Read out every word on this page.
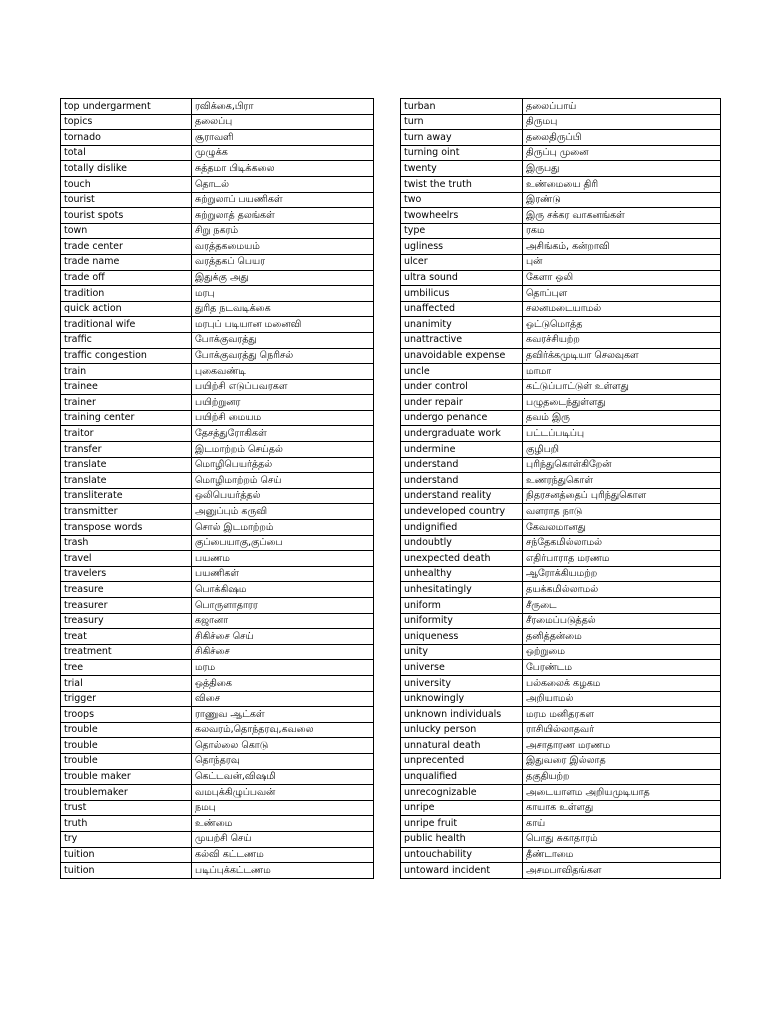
top undergarment	ரவிக்கை,பிரா
topics	தலைப்பு
tornado	சூராவளி
total	முழுக்க
totally dislike	சுத்தமா பிடிக்கலை
touch	தொடல்
tourist	சுற்றுலாப் பயணிகள்
tourist spots	சுற்றுலாத் தலங்கள்
town	சிறு நகரம்
trade center	வரத்தகமையம்
trade name	வரத்தகப் பெயர
trade off	இதுக்கு அது
tradition	மரபு
quick action	துரித நடவடிக்கை
traditional wife	மரபுப் படியான மனைவி
traffic	போக்குவரத்து
traffic congestion	போக்குவரத்து நெரிசல்
train	புகைவண்டி
trainee	பயிற்சி எடுப்பவரகள
trainer	பயிற்றுனர
training center	பயிற்சி மையம
traitor	தேசத்துரோகிகள்
transfer	இடமாற்றம் செய்தல்
translate	மொழிபெயர்த்தல்
translate	மொழிமாற்றம் செய்
transliterate	ஒலிபெயர்த்தல்
transmitter	அனுப்பும் கருவி
transpose words	சொல் இடமாற்றம்
trash	குப்பையாகு,குப்பை
travel	பயணம
travelers	பயணிகள்
treasure	பொக்கிஷம
treasurer	பொருளாதாரர
treasury	கஜானா
treat	சிகிச்சை செய்
treatment	சிகிச்சை
tree	மரம
trial	ஒத்திகை
trigger	விசை
troops	ராணுவ ஆட்கள்
trouble	கலவரம்,தொந்தரவு,கவலை
trouble	தொல்லை கொடு
trouble	தொந்தரவு
trouble maker	கெட்டவன்,விஷமி
troublemaker	வமபுக்கிழுப்பவன்
trust	நமபு
truth	உண்மை
try	முயற்சி செய்
tuition	கல்வி கட்டணம
tuition	படிப்புக்கட்டணம
turban	தலைப்பாய்
turn	திருமபு
turn away	தலைதிருப்பி
turning oint	திருப்பு முனை
twenty	இருபது
twist the truth	உண்மையை திரி
two	இரண்டு
twowheelrs	இரு சக்கர வாகனங்கள்
type	ரகம
ugliness	அசிங்கம், கன்றாவி
ulcer	புன்
ultra sound	கேளா ஒலி
umbilicus	தொப்புள
unaffected	சலனமடையாமல்
unanimity	ஒட்டுமொத்த
unattractive	கவரச்சியற்ற
unavoidable expense	தவிர்க்கமுடியா செலவுகள
uncle	மாமா
under control	கட்டுப்பாட்டுள் உள்ளது
under repair	பழுதடைந்துள்ளது
undergo penance	தவம் இரு
undergraduate work	பட்டப்படிப்பு
undermine	குழிபறி
understand	புரிந்துகொள்கிறேன்
understand	உணரந்துகொள்
understand reality	நிதரசனத்தைப் புரிந்துகொள
undeveloped country	வளராத நாடு
undignified	கேவலமானது
undoubtly	சந்தேகமில்லாமல்
unexpected death	எதிர்பாராத மரணம
unhealthy	ஆரோக்கியமற்ற
unhesitatingly	தயக்கமில்லாமல்
uniform	சீருடை
uniformity	சீரமைப்படுத்தல்
uniqueness	தனித்தன்மை
unity	ஒற்றுமை
universe	பேரண்டம
university	பல்கலைக் கழகம
unknowingly	அறியாமல்
unknown individuals	மரம மனிதரகள
unlucky person	ராசியில்லாதவர்
unnatural death	அசாதாரண மரணம
unprecented	இதுவரை இல்லாத
unqualified	தகுதியற்ற
unrecognizable	அடையாளம அறியமுடியாத
unripe	காயாக உள்ளது
unripe fruit	காய்
public health	பொது சுகாதாரம்
untouchability	தீண்டாமை
untoward incident	அசமபாவிதங்கள
